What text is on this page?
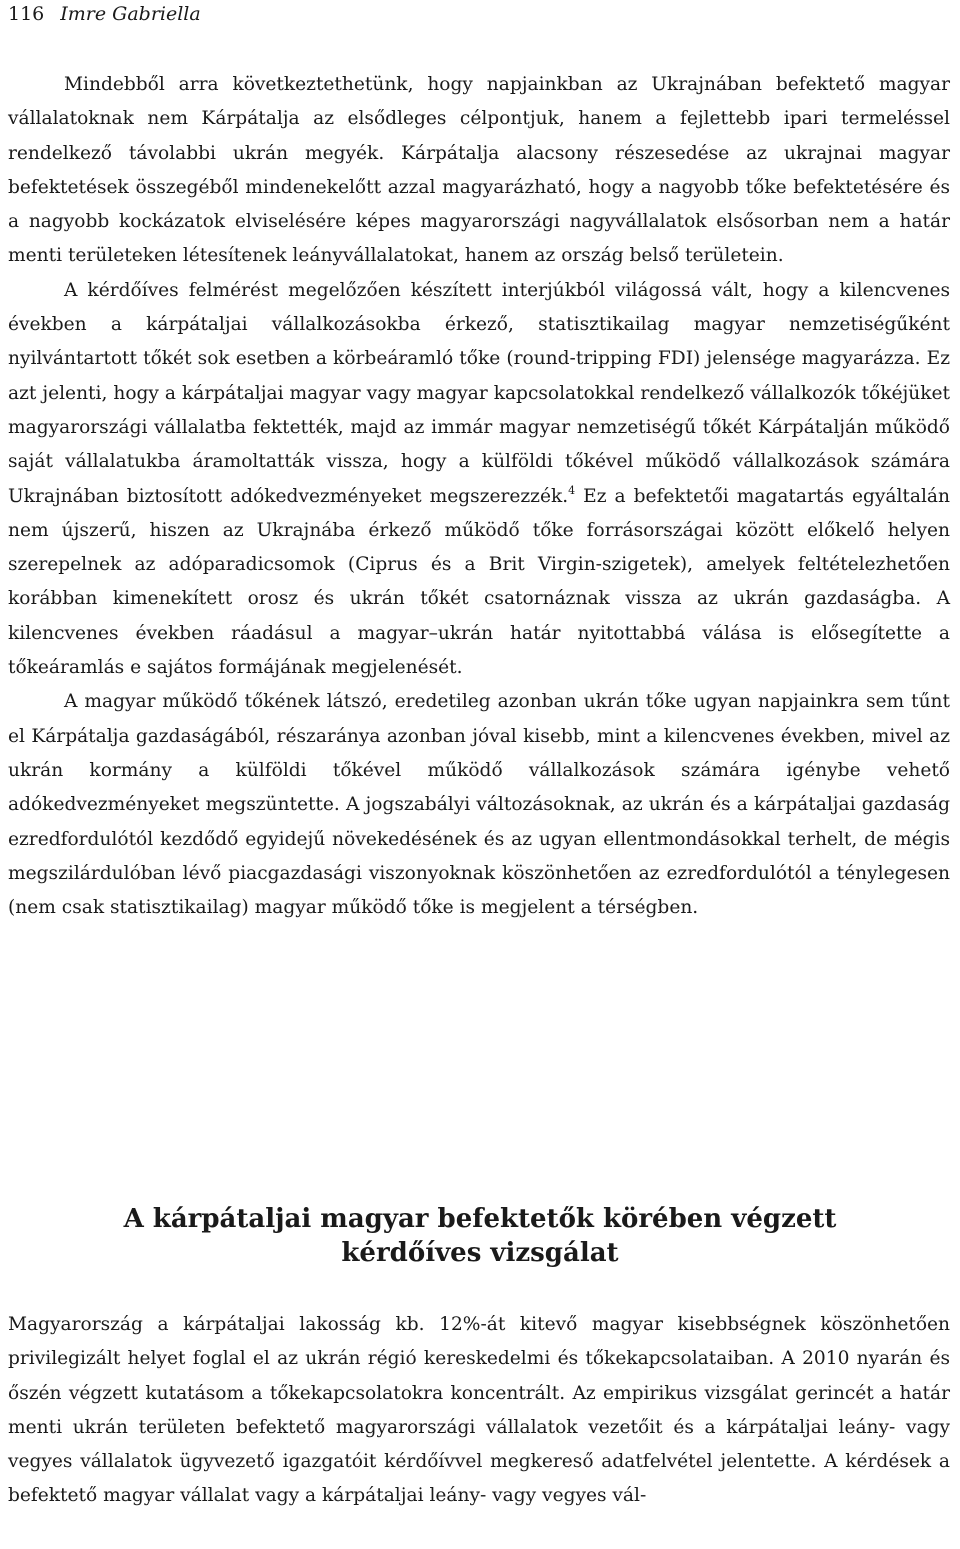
116 Imre Gabriella

Mindebből arra következtethetünk, hogy napjainkban az Ukrajnában befektető magyar vállalatoknak nem Kárpátalja az elsődleges célpontjuk, hanem a fejlettebb ipari termeléssel rendelkező távolabbi ukrán megyék. Kárpátalja alacsony részesedése az ukrajnai magyar befektetések összegéből mindenekelőtt azzal magyarázható, hogy a nagyobb tőke befektetésére és a nagyobb kockázatok elviselésére képes magyarországi nagyvállalatok elsősorban nem a határ menti területeken létesítenek leányvállalatokat, hanem az ország belső területein.

A kérdőíves felmérést megelőzően készített interjúkból világossá vált, hogy a kilencvenes években a kárpátaljai vállalkozásokba érkező, statisztikailag magyar nemzetiségűként nyilvántartott tőkét sok esetben a körbeáramló tőke (round-tripping FDI) jelensége magyarázza. Ez azt jelenti, hogy a kárpátaljai magyar vagy magyar kapcsolatokkal rendelkező vállalkozók tőkéjüket magyarországi vállalatba fektették, majd az immár magyar nemzetiségű tőkét Kárpátalján működő saját vállalatukba áramoltatták vissza, hogy a külföldi tőkével működő vállalkozások számára Ukrajnában biztosított adókedvezményeket megszerezzék.$^4$ Ez a befektetői magatartás egyáltalán nem újszerű, hiszen az Ukrajnába érkező működő tőke forrásországai között előkelő helyen szerepelnek az adóparadicsomok (Ciprus és a Brit Virgin-szigetek), amelyek feltételezhetően korábban kimenekített orosz és ukrán tőkét csatornáznak vissza az ukrán gazdaságba. A kilencvenes években ráadásul a magyar–ukrán határ nyitottabbá válása is elősegítette a tőkeáramlás e sajátos formájának megjelenését.

A magyar működő tőkének látszó, eredetileg azonban ukrán tőke ugyan napjainkra sem tűnt el Kárpátalja gazdaságából, részaránya azonban jóval kisebb, mint a kilencvenes években, mivel az ukrán kormány a külföldi tőkével működő vállalkozások számára igénybe vehető adókedvezményeket megszüntette. A jogszabályi változásoknak, az ukrán és a kárpátaljai gazdaság ezredfordulótól kezdődő egyidejű növekedésének és az ugyan ellentmondásokkal terhelt, de mégis megszilárdulóban lévő piacgazdasági viszonyoknak köszönhetően az ezredfordulótól a ténylegesen (nem csak statisztikailag) magyar működő tőke is megjelent a térségben.

A kárpátaljai magyar befektetők körében végzett
kérdőíves vizsgálat

Magyarország a kárpátaljai lakosság kb. 12%-át kitevő magyar kisebbségnek köszönhetően privilegizált helyet foglal el az ukrán régió kereskedelmi és tőkekapcsolataiban. A 2010 nyarán és őszén végzett kutatásom a tőkekapcsolatokra koncentrált. Az empirikus vizsgálat gerincét a határ menti ukrán területen befektető magyarországi vállalatok vezetőit és a kárpátaljai leány- vagy vegyes vállalatok ügyvezető igazgatóit kérdőívvel megkereső adatfelvétel jelentette. A kérdések a befektető magyar vállalat vagy a kárpátaljai leány- vagy vegyes vál-
